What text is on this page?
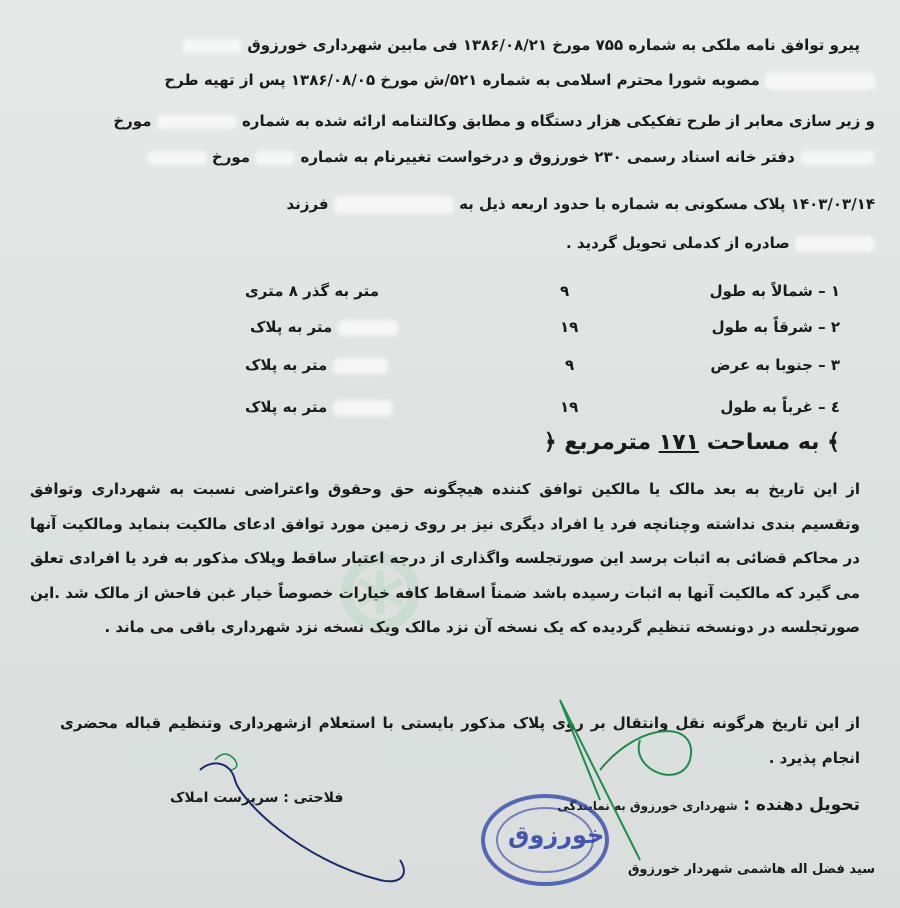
⊛
پیرو توافق نامه ملکی به شماره ۷۵۵ مورخ ۱۳۸۶/۰۸/۲۱ فی مابین شهرداری خورزوق
مصوبه شورا محترم اسلامی به شماره ۵۲۱/ش مورخ ۱۳۸۶/۰۸/۰۵ پس از تهیه طرح
و زیر سازی معابر از طرح تفکیکی هزار دستگاه و مطابق وکالتنامه ارائه شده به شماره  مورخ
دفتر خانه اسناد رسمی ۲۳۰ خورزوق و درخواست تغییرنام به شماره  مورخ
۱۴۰۳/۰۳/۱۴ پلاک مسکونی به شماره با حدود اربعه ذیل به  فرزند
صادره از کدملی تحویل گردید .
۱ – شمالاً به طول
۹
متر به گذر ۸ متری
۲ – شرقاً به طول
۱۹
متر به پلاک
۳ – جنوبا به عرض
۹
متر به پلاک
٤ – غرباً به طول
۱۹
متر به پلاک
﴾ به مساحت ۱۷۱ مترمربع ﴿
از این تاریخ به بعد مالک یا مالکین توافق کننده هیچگونه حق وحقوق واعتراضی نسبت به شهرداری وتوافق وتقسیم بندی نداشته وچنانچه فرد یا افراد دیگری نیز بر روی زمین مورد توافق ادعای مالکیت بنماید ومالکیت آنها در محاکم قضائی به اثبات برسد این صورتجلسه واگذاری از درجه اعتبار ساقط وپلاک مذکور به فرد یا افرادی تعلق می گیرد که مالکیت آنها به اثبات رسیده باشد ضمناً اسقاط کافه خیارات خصوصاً خیار غبن فاحش از مالک شد .این صورتجلسه در دونسخه تنظیم گردیده که یک نسخه آن نزد مالک ویک نسخه نزد شهرداری باقی می ماند .
از این تاریخ هرگونه نقل وانتقال بر روی پلاک مذکور بایستی با استعلام ازشهرداری وتنظیم قباله محضری انجام پذیرد .
فلاحتی : سرپرست املاک	تحویل دهنده : شهرداری خورزوق به نمایندگی
سید فضل اله هاشمی شهردار خورزوق
خورزوق
